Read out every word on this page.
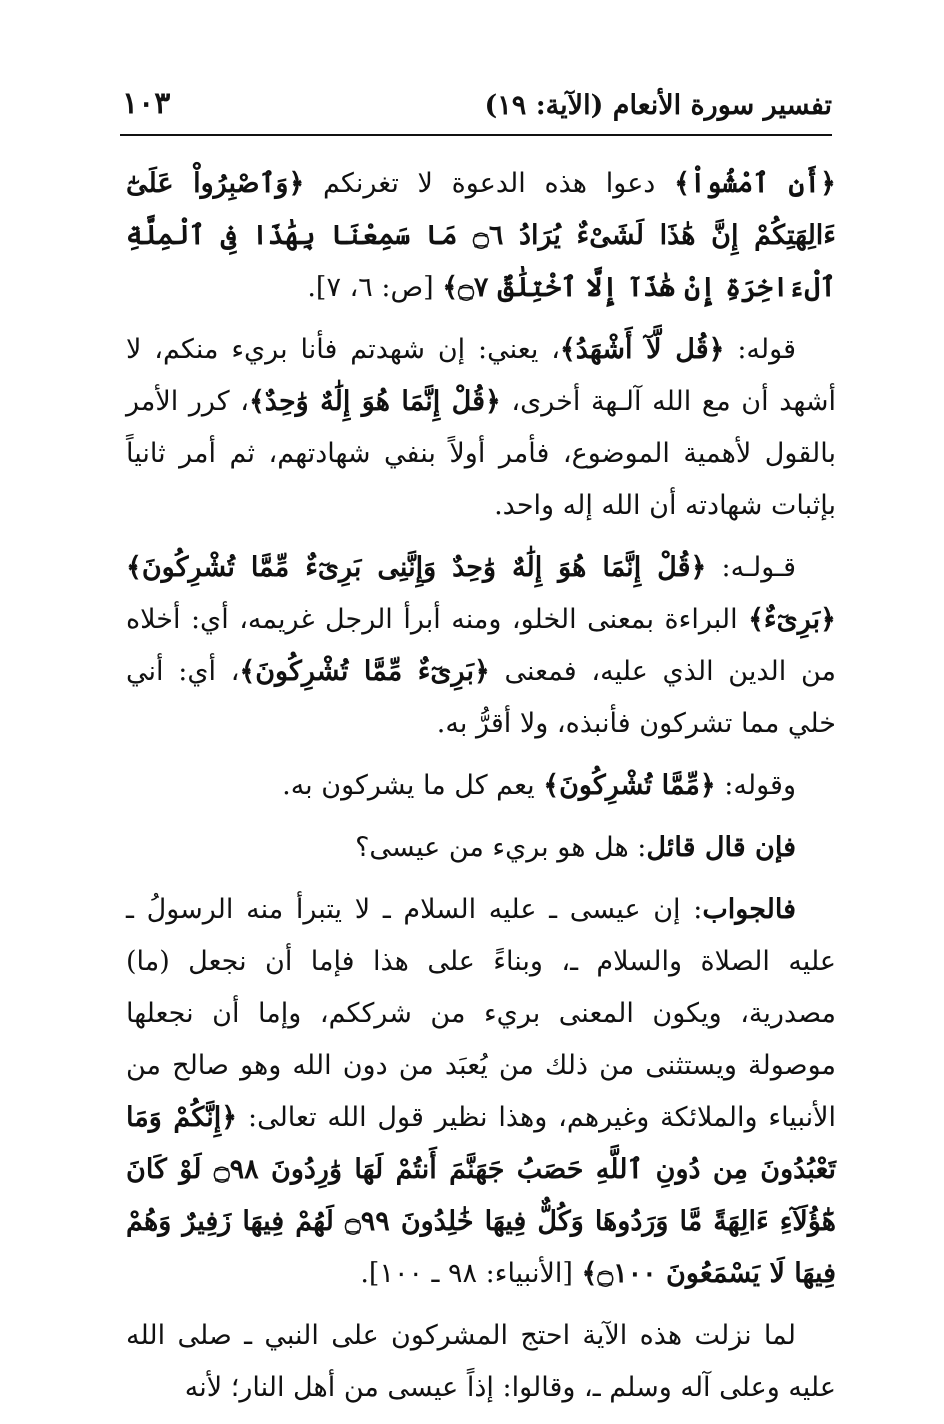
تفسير سورة الأنعام (الآية: ١٩)
١٠٣

﴿أَنِ ٱمْشُواْ﴾ دعوا هذه الدعوة لا تغرنكم ﴿وَٱصْبِرُواْ عَلَىٰٓ ءَالِهَتِكُمْ إِنَّ هَٰذَا لَشَىْءٌ يُرَادُ ۝٦ مَا سَمِعْنَا بِهَٰذَا فِى ٱلْمِلَّةِ ٱلْءَاخِرَةِ إِنْ هَٰذَآ إِلَّا ٱخْتِلَٰقٌ ۝٧﴾ [ص: ٦، ٧].

قوله: ﴿قُل لَّآ أَشْهَدُ﴾، يعني: إن شهدتم فأنا بريء منكم، لا أشهد أن مع الله آلـهة أخرى، ﴿قُلْ إِنَّمَا هُوَ إِلَٰهٌ وَٰحِدٌ﴾، كرر الأمر بالقول لأهمية الموضوع، فأمر أولاً بنفي شهادتهم، ثم أمر ثانياً بإثبات شهادته أن الله إله واحد.

قـولـه: ﴿قُلْ إِنَّمَا هُوَ إِلَٰهٌ وَٰحِدٌ وَإِنَّنِى بَرِىٓءٌ مِّمَّا تُشْرِكُونَ﴾ ﴿بَرِىٓءٌ﴾ البراءة بمعنى الخلو، ومنه أبرأ الرجل غريمه، أي: أخلاه من الدين الذي عليه، فمعنى ﴿بَرِىٓءٌ مِّمَّا تُشْرِكُونَ﴾، أي: أني خلي مما تشركون فأنبذه، ولا أقرُّ به.

وقوله: ﴿مِّمَّا تُشْرِكُونَ﴾ يعم كل ما يشركون به.

فإن قال قائل: هل هو بريء من عيسى؟

فالجواب: إن عيسى ـ عليه السلام ـ لا يتبرأ منه الرسولُ ـ عليه الصلاة والسلام ـ، وبناءً على هذا فإما أن نجعل (ما) مصدرية، ويكون المعنى بريء من شرككم، وإما أن نجعلها موصولة ويستثنى من ذلك من يُعبَد من دون الله وهو صالح من الأنبياء والملائكة وغيرهم، وهذا نظير قول الله تعالى: ﴿إِنَّكُمْ وَمَا تَعْبُدُونَ مِن دُونِ ٱللَّهِ حَصَبُ جَهَنَّمَ أَنتُمْ لَهَا وَٰرِدُونَ ۝٩٨ لَوْ كَانَ هَٰٓؤُلَآءِ ءَالِهَةً مَّا وَرَدُوهَا وَكُلٌّ فِيهَا خَٰلِدُونَ ۝٩٩ لَهُمْ فِيهَا زَفِيرٌ وَهُمْ فِيهَا لَا يَسْمَعُونَ ۝١٠٠﴾ [الأنبياء: ٩٨ ـ ١٠٠].

لما نزلت هذه الآية احتج المشركون على النبي ـ صلى الله عليه وعلى آله وسلم ـ، وقالوا: إذاً عيسى من أهل النار؛ لأنه
